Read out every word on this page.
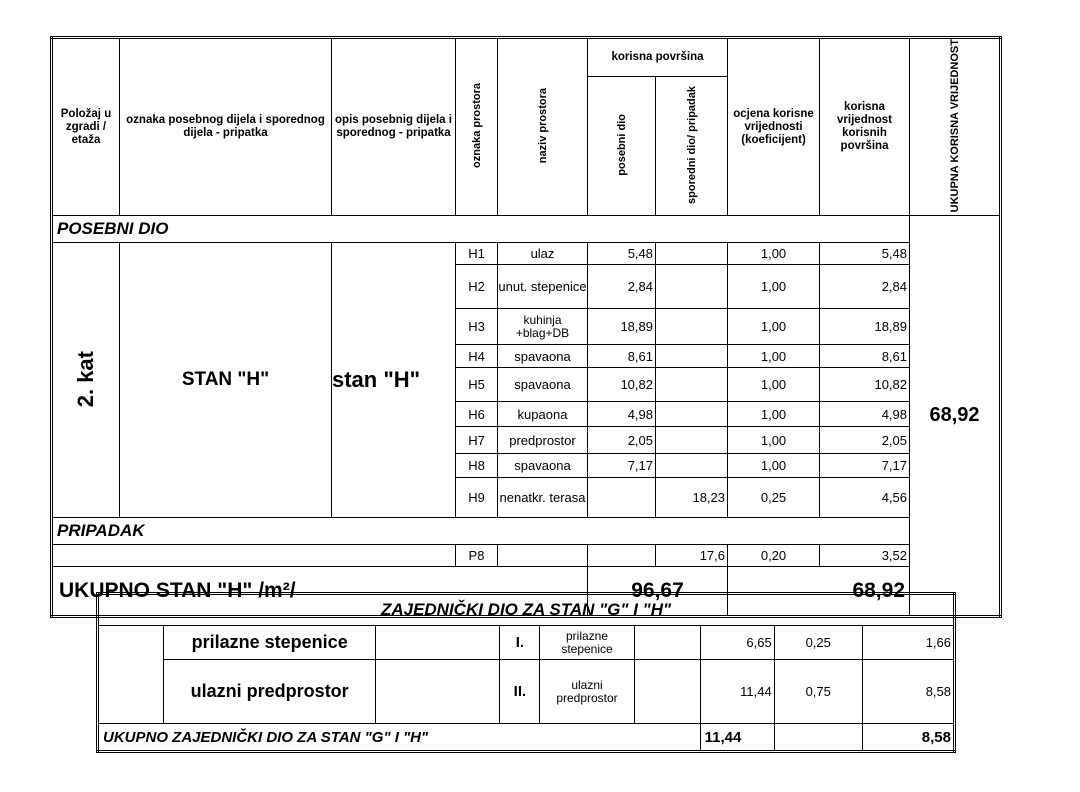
Položaj u zgradi / etaža	oznaka posebnog dijela i sporednog dijela - pripatka	opis posebnig dijela i sporednog - pripatka	oznaka prostora	naziv prostora	korisna površina		ocjena korisne vrijednosti (koeficijent)	korisna vrijednost korisnih površina	UKUPNA KORISNA VRIJEDNOST
					posebni dio	sporedni dio/ pripadak			
POSEBNI DIO									68,92
2. kat	STAN "H"	stan "H"	H1	ulaz	5,48		1,00	5,48	
			H2	unut. stepenice	2,84		1,00	2,84	
			H3	kuhinja +blag+DB	18,89		1,00	18,89	
			H4	spavaona	8,61		1,00	8,61	
			H5	spavaona	10,82		1,00	10,82	
			H6	kupaona	4,98		1,00	4,98	
			H7	predprostor	2,05		1,00	2,05	
			H8	spavaona	7,17		1,00	7,17	
			H9	nenatkr. terasa		18,23	0,25	4,56	
PRIPADAK									
			P8			17,6	0,20	3,52	
UKUPNO STAN "H" /m²/					96,67		68,92		
ZAJEDNIČKI DIO ZA STAN "G" I "H"								
	prilazne stepenice		I.	prilazne stepenice		6,65	0,25	1,66
	ulazni predprostor		II.	ulazni predprostor		11,44	0,75	8,58
UKUPNO ZAJEDNIČKI DIO ZA STAN "G" I "H"						11,44		8,58
